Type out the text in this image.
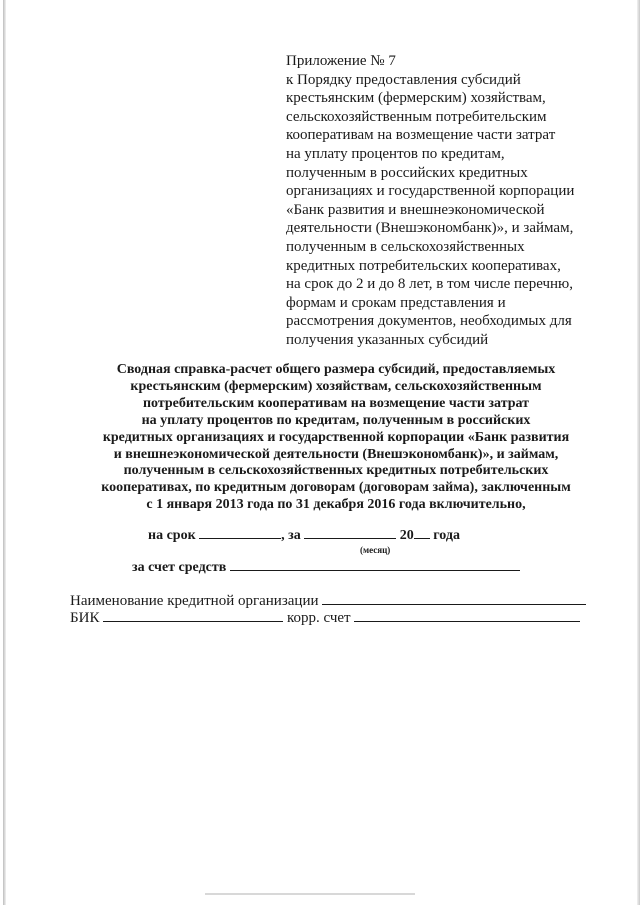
Приложение № 7
к Порядку предоставления субсидий
крестьянским (фермерским) хозяйствам,
сельскохозяйственным потребительским
кооперативам на возмещение части затрат
на уплату процентов по кредитам,
полученным в российских кредитных
организациях и государственной корпорации
«Банк развития и внешнеэкономической
деятельности (Внешэкономбанк)», и займам,
полученным в сельскохозяйственных
кредитных потребительских кооперативах,
на срок до 2 и до 8 лет, в том числе перечню,
формам и срокам представления и
рассмотрения документов, необходимых для
получения указанных субсидий
Сводная справка-расчет общего размера субсидий, предоставляемых
крестьянским (фермерским) хозяйствам, сельскохозяйственным
потребительским кооперативам на возмещение части затрат
на уплату процентов по кредитам, полученным в российских
кредитных организациях и государственной корпорации «Банк развития
и внешнеэкономической деятельности (Внешэкономбанк)», и займам,
полученным в сельскохозяйственных кредитных потребительских
кооперативах, по кредитным договорам (договорам займа), заключенным
с 1 января 2013 года по 31 декабря 2016 года включительно,
на срок	, за	20 года
(месяц)
за счет средств
Наименование кредитной организации
БИК	корр. счет
